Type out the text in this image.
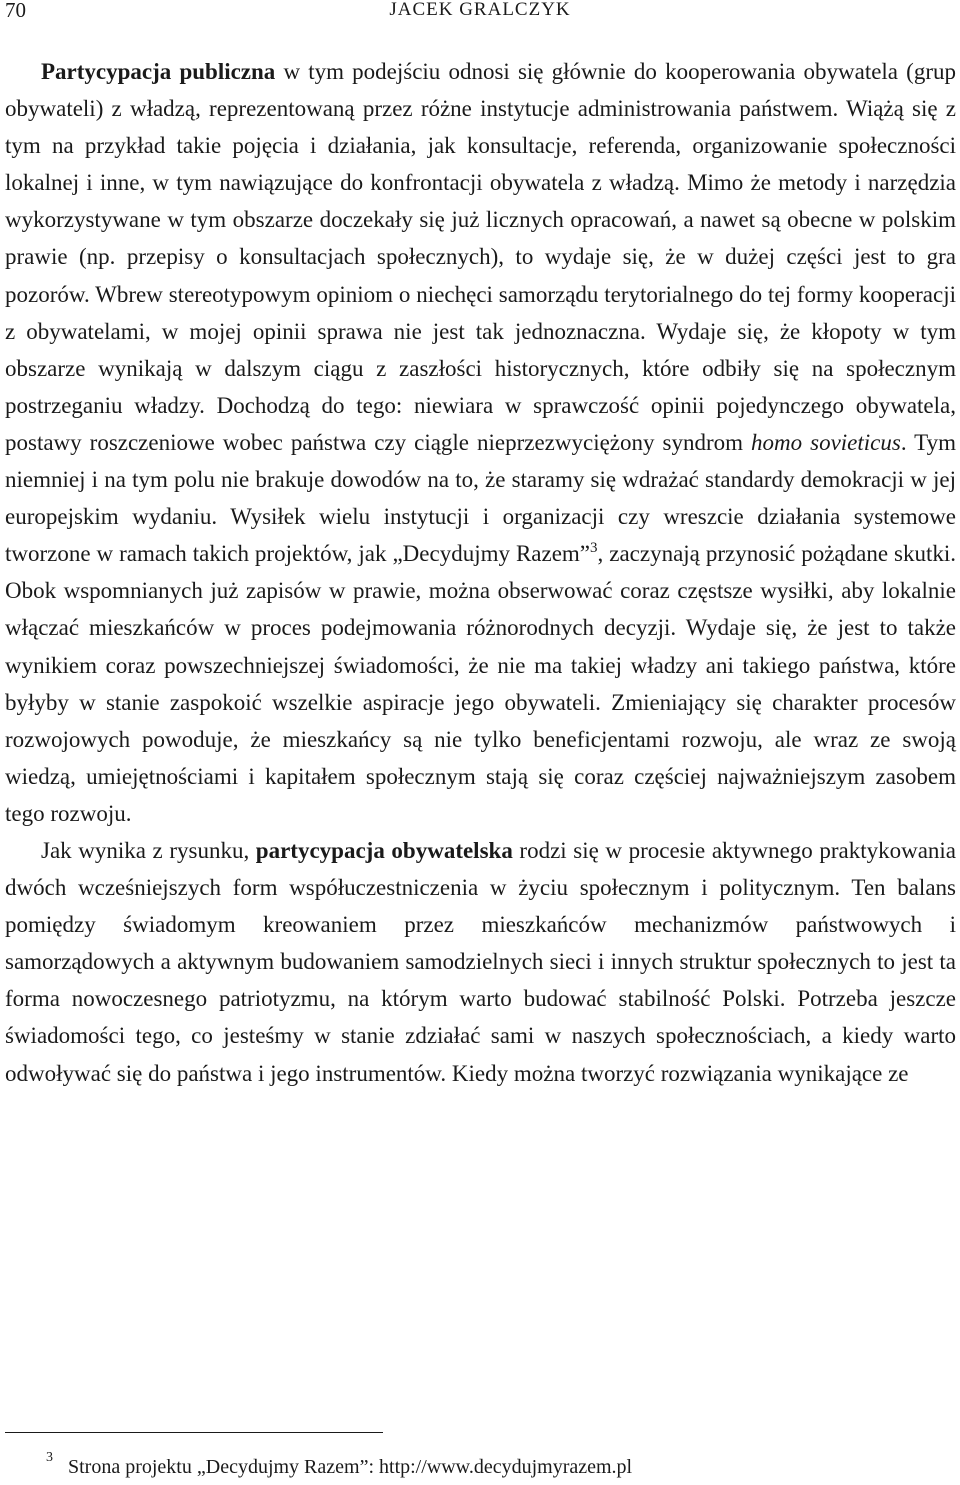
70	JACEK GRALCZYK

Partycypacja publiczna w tym podejściu odnosi się głównie do kooperowania obywatela (grup obywateli) z władzą, reprezentowaną przez różne instytucje administrowania państwem. Wiążą się z tym na przykład takie pojęcia i działania, jak konsultacje, referenda, organizowanie społeczności lokalnej i inne, w tym nawiązujące do konfrontacji obywatela z władzą. Mimo że metody i narzędzia wykorzystywane w tym obszarze doczekały się już licznych opracowań, a nawet są obecne w polskim prawie (np. przepisy o konsultacjach społecznych), to wydaje się, że w dużej części jest to gra pozorów. Wbrew stereotypowym opiniom o niechęci samorządu terytorialnego do tej formy kooperacji z obywatelami, w mojej opinii sprawa nie jest tak jednoznaczna. Wydaje się, że kłopoty w tym obszarze wynikają w dalszym ciągu z zaszłości historycznych, które odbiły się na społecznym postrzeganiu władzy. Dochodzą do tego: niewiara w sprawczość opinii pojedynczego obywatela, postawy roszczeniowe wobec państwa czy ciągle nieprzezwyciężony syndrom homo sovieticus. Tym niemniej i na tym polu nie brakuje dowodów na to, że staramy się wdrażać standardy demokracji w jej europejskim wydaniu. Wysiłek wielu instytucji i organizacji czy wreszcie działania systemowe tworzone w ramach takich projektów, jak „Decydujmy Razem”$^3$, zaczynają przynosić pożądane skutki. Obok wspomnianych już zapisów w prawie, można obserwować coraz częstsze wysiłki, aby lokalnie włączać mieszkańców w proces podejmowania różnorodnych decyzji. Wydaje się, że jest to także wynikiem coraz powszechniejszej świadomości, że nie ma takiej władzy ani takiego państwa, które byłyby w stanie zaspokoić wszelkie aspiracje jego obywateli. Zmieniający się charakter procesów rozwojowych powoduje, że mieszkańcy są nie tylko beneficjentami rozwoju, ale wraz ze swoją wiedzą, umiejętnościami i kapitałem społecznym stają się coraz częściej najważniejszym zasobem tego rozwoju.

Jak wynika z rysunku, partycypacja obywatelska rodzi się w procesie aktywnego praktykowania dwóch wcześniejszych form współuczestniczenia w życiu społecznym i politycznym. Ten balans pomiędzy świadomym kreowaniem przez mieszkańców mechanizmów państwowych i samorządowych a aktywnym budowaniem samodzielnych sieci i innych struktur społecznych to jest ta forma nowoczesnego patriotyzmu, na którym warto budować stabilność Polski. Potrzeba jeszcze świadomości tego, co jesteśmy w stanie zdziałać sami w naszych społecznościach, a kiedy warto odwoływać się do państwa i jego instrumentów. Kiedy można tworzyć rozwiązania wynikające ze

3 Strona projektu „Decydujmy Razem”: http://www.decydujmyrazem.pl
